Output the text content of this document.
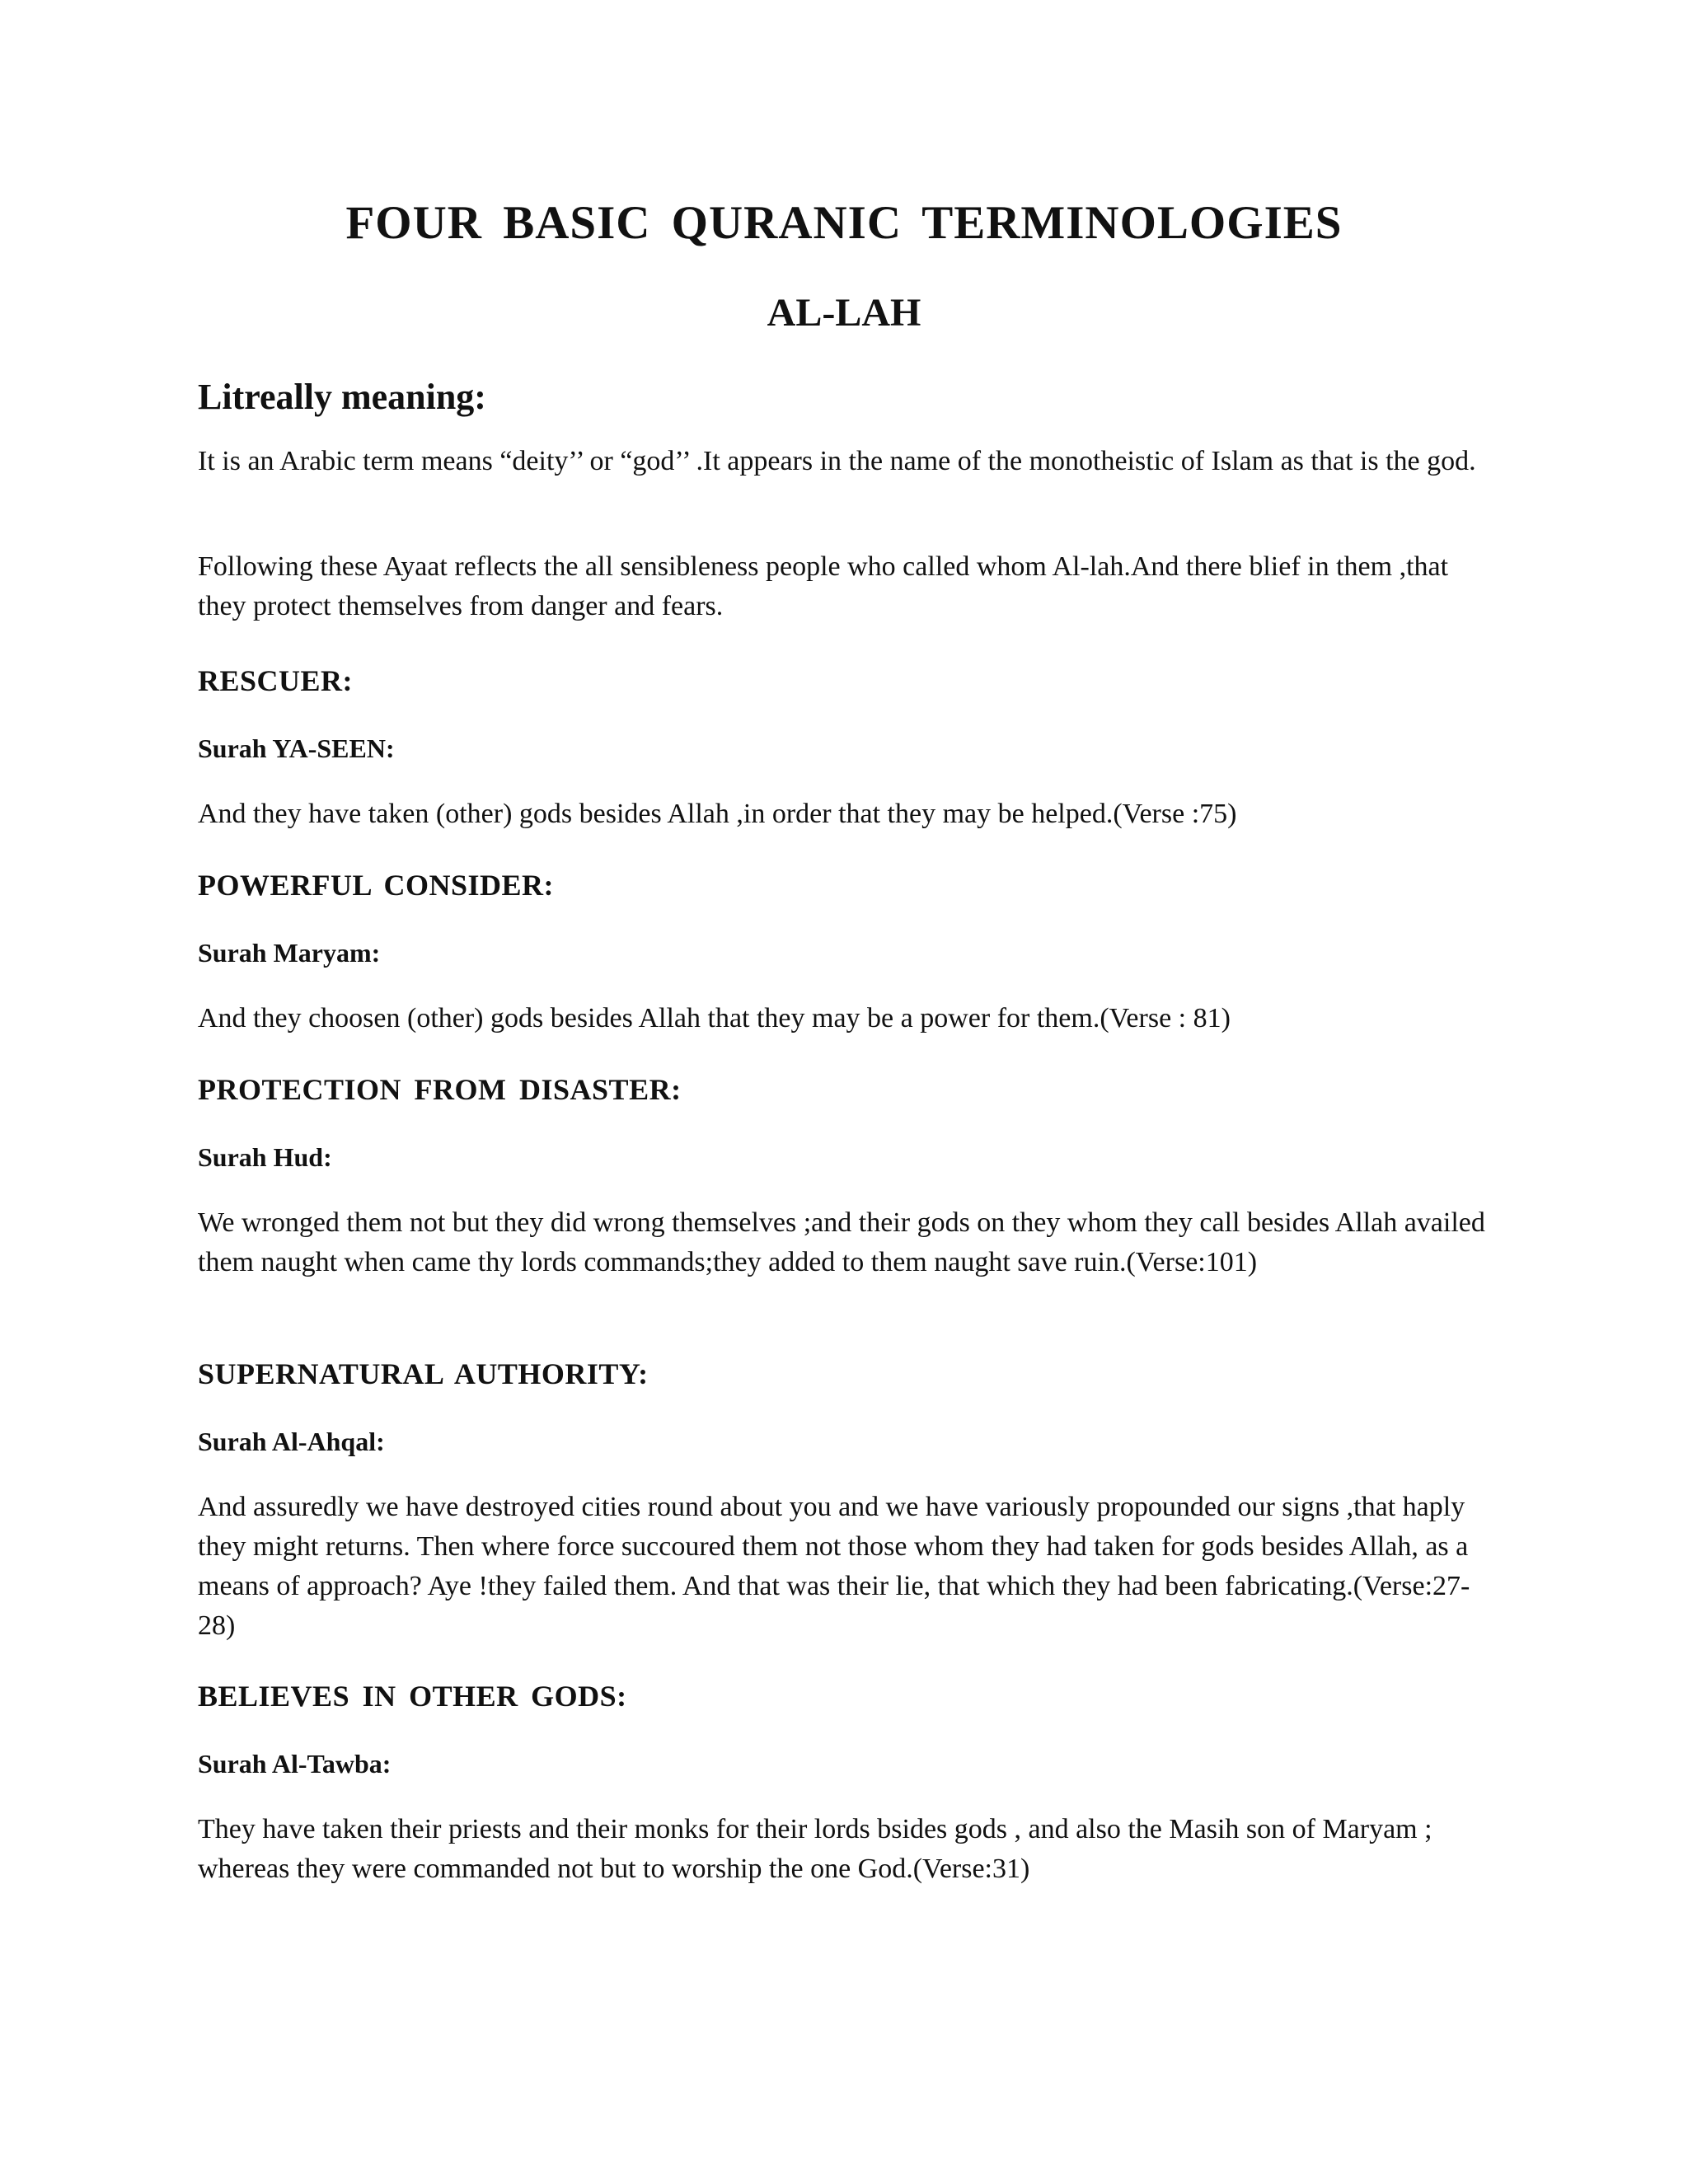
FOUR BASIC QURANIC TERMINOLOGIES
AL-LAH
Litreally meaning:

It is an Arabic term means “deity’’ or “god’’ .It appears in the name of the monotheistic of Islam as that is the god.

Following these Ayaat reflects the all sensibleness people who called whom Al-lah.And there blief in them ,that they protect themselves from danger and fears.

RESCUER:
Surah YA-SEEN:

And they have taken (other) gods besides Allah ,in order that they may be helped.(Verse :75)

POWERFUL CONSIDER:
Surah Maryam:

And they choosen (other) gods besides Allah that they may be a power for them.(Verse : 81)

PROTECTION FROM DISASTER:
Surah Hud:

We wronged them not but they did wrong themselves ;and their gods on they whom they call besides Allah availed them naught when came thy lords commands;they added to them naught save ruin.(Verse:101)

SUPERNATURAL AUTHORITY:
Surah Al-Ahqal:

And assuredly we have destroyed cities round about you and we have variously propounded our signs ,that haply they might returns. Then where force succoured them not those whom they had taken for gods besides Allah, as a means of approach? Aye !they failed them. And that was their lie, that which they had been fabricating.(Verse:27-28)

BELIEVES IN OTHER GODS:
Surah Al-Tawba:

They have taken their priests and their monks for their lords bsides gods , and also the Masih son of Maryam ; whereas they were commanded not but to worship the one God.(Verse:31)
